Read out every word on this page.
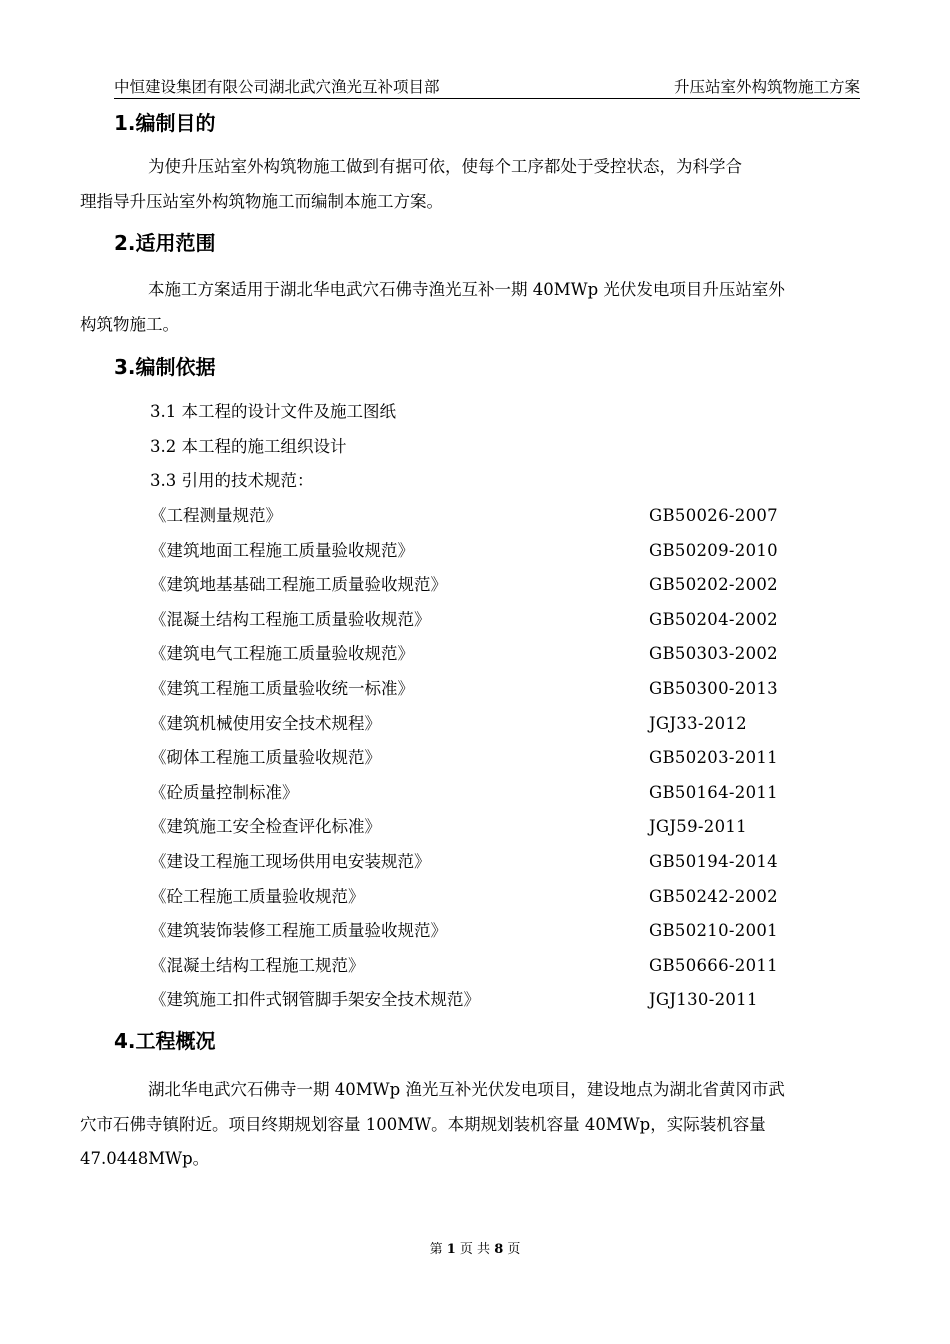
中恒建设集团有限公司湖北武穴渔光互补项目部	升压站室外构筑物施工方案
1.编制目的

为使升压站室外构筑物施工做到有据可依，使每个工序都处于受控状态，为科学合
理指导升压站室外构筑物施工而编制本施工方案。

2.适用范围

本施工方案适用于湖北华电武穴石佛寺渔光互补一期 40MWp 光伏发电项目升压站室外
构筑物施工。

3.编制依据
3.1 本工程的设计文件及施工图纸
3.2 本工程的施工组织设计
3.3 引用的技术规范：
《工程测量规范》	GB50026-2007
《建筑地面工程施工质量验收规范》	GB50209-2010
《建筑地基基础工程施工质量验收规范》	GB50202-2002
《混凝土结构工程施工质量验收规范》	GB50204-2002
《建筑电气工程施工质量验收规范》	GB50303-2002
《建筑工程施工质量验收统一标准》	GB50300-2013
《建筑机械使用安全技术规程》	JGJ33-2012
《砌体工程施工质量验收规范》	GB50203-2011
《砼质量控制标准》	GB50164-2011
《建筑施工安全检查评化标准》	JGJ59-2011
《建设工程施工现场供用电安装规范》	GB50194-2014
《砼工程施工质量验收规范》	GB50242-2002
《建筑装饰装修工程施工质量验收规范》	GB50210-2001
《混凝土结构工程施工规范》	GB50666-2011
《建筑施工扣件式钢管脚手架安全技术规范》	JGJ130-2011
4.工程概况

湖北华电武穴石佛寺一期 40MWp 渔光互补光伏发电项目，建设地点为湖北省黄冈市武
穴市石佛寺镇附近。项目终期规划容量 100MW。本期规划装机容量 40MWp，实际装机容量
47.0448MWp。

第 1 页 共 8 页
